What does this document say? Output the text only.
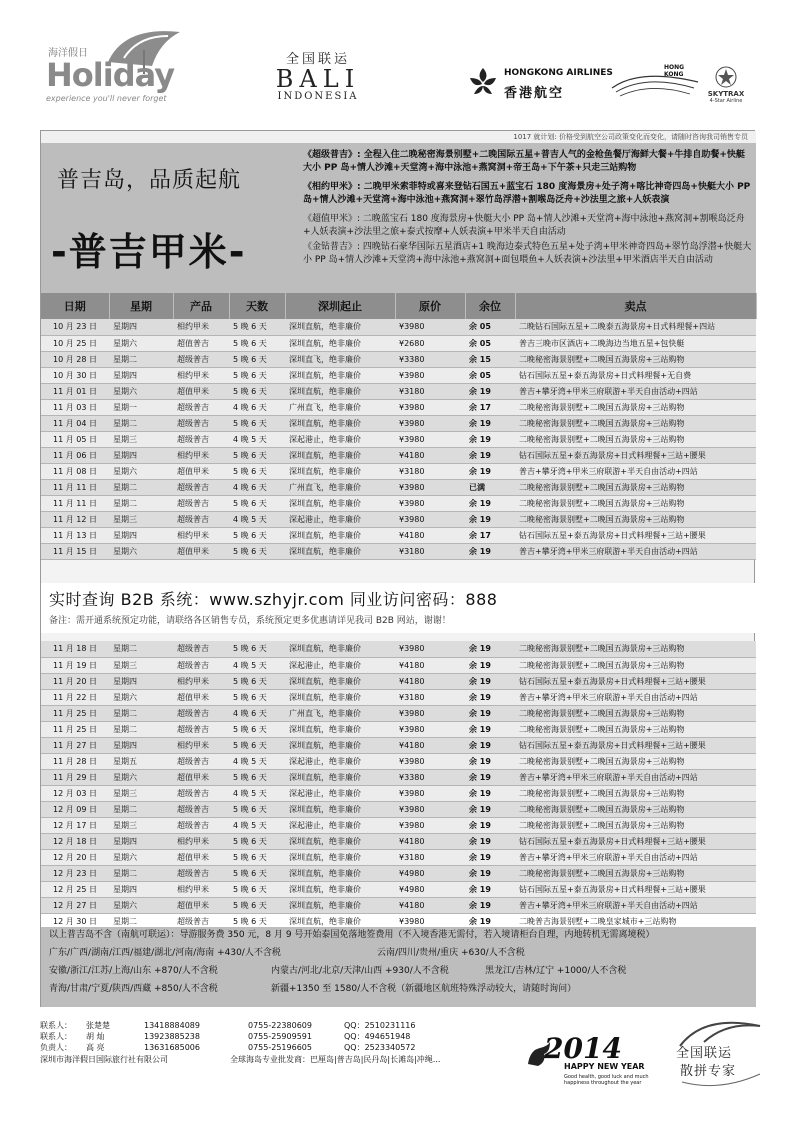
海洋假日
Holiday
experience you'll never forget
全国联运
BALI
INDONESIA
HONGKONG AIRLINES
香港航空
HONG KONG
SKYTRAX
4-Star Airline
1017 就计划: 价格受到航空公司政策变化而变化，请随时咨询我司销售专员
普吉岛，品质起航
-普吉甲米-

《超级普吉》: 全程入住二晚秘密海景别墅+二晚国际五星+普吉人气的金枪鱼餐厅海鲜大餐+牛排自助餐+快艇大小 PP 岛+情人沙滩+天堂湾+海中泳池+燕窝洞+帝王岛+下午茶+只走三站购物

《相约甲米》: 二晚甲米索菲特或喜来登钻石国五+蓝宝石 180 度海景房+处子湾+喀比神奇四岛+快艇大小 PP 岛+情人沙滩+天堂湾+海中泳池+燕窝洞+翠竹岛浮潜+割喉岛泛舟+沙法里之旅+人妖表演

《超值甲米》: 二晚蓝宝石 180 度海景房+快艇大小 PP 岛+情人沙滩+天堂湾+海中泳池+燕窝洞+割喉岛泛舟+人妖表演+沙法里之旅+泰式按摩+人妖表演+甲米半天自由活动

《金钻普吉》: 四晚钻石豪华国际五星酒店+1 晚海边泰式特色五星+处子湾+甲米神奇四岛+翠竹岛浮潜+快艇大小 PP 岛+情人沙滩+天堂湾+海中泳池+燕窝洞+面包喂鱼+人妖表演+沙法里+甲米酒店半天自由活动

日期	星期	产品	天数	深圳起止	原价	余位	卖点
10 月 23 日	星期四	相约甲米	5 晚 6 天	深圳直航，绝非廉价	¥3980	余 05	二晚钻石国际五星+二晚泰五海景房+日式料理餐+四站
10 月 25 日	星期六	超值普吉	5 晚 6 天	深圳直航，绝非廉价	¥2680	余 05	普吉三晚市区酒店+二晚海边当地五星+包快艇
10 月 28 日	星期二	超级普吉	5 晚 6 天	深圳直飞，绝非廉价	¥3380	余 15	二晚秘密海景别墅+二晚国五海景房+三站购物
10 月 30 日	星期四	相约甲米	5 晚 6 天	深圳直航，绝非廉价	¥3980	余 05	钻石国际五星+泰五海景房+日式料理餐+无自费
11 月 01 日	星期六	超值甲米	5 晚 6 天	深圳直航，绝非廉价	¥3180	余 19	普吉+攀牙湾+甲米三府联游+半天自由活动+四站
11 月 03 日	星期一	超级普吉	4 晚 6 天	广州直飞，绝非廉价	¥3980	余 17	二晚秘密海景别墅+二晚国五海景房+三站购物
11 月 04 日	星期二	超级普吉	5 晚 6 天	深圳直航，绝非廉价	¥3980	余 19	二晚秘密海景别墅+二晚国五海景房+三站购物
11 月 05 日	星期三	超级普吉	4 晚 5 天	深起港止，绝非廉价	¥3980	余 19	二晚秘密海景别墅+二晚国五海景房+三站购物
11 月 06 日	星期四	相约甲米	5 晚 6 天	深圳直航，绝非廉价	¥4180	余 19	钻石国际五星+泰五海景房+日式料理餐+三站+腰果
11 月 08 日	星期六	超值甲米	5 晚 6 天	深圳直航，绝非廉价	¥3180	余 19	普吉+攀牙湾+甲米三府联游+半天自由活动+四站
11 月 11 日	星期二	超级普吉	4 晚 6 天	广州直飞，绝非廉价	¥3980	已满	二晚秘密海景别墅+二晚国五海景房+三站购物
11 月 11 日	星期二	超级普吉	5 晚 6 天	深圳直航，绝非廉价	¥3980	余 19	二晚秘密海景别墅+二晚国五海景房+三站购物
11 月 12 日	星期三	超级普吉	4 晚 5 天	深起港止，绝非廉价	¥3980	余 19	二晚秘密海景别墅+二晚国五海景房+三站购物
11 月 13 日	星期四	相约甲米	5 晚 6 天	深圳直航，绝非廉价	¥4180	余 17	钻石国际五星+泰五海景房+日式料理餐+三站+腰果
11 月 15 日	星期六	超值甲米	5 晚 6 天	深圳直航，绝非廉价	¥3180	余 19	普吉+攀牙湾+甲米三府联游+半天自由活动+四站
实时查询 B2B 系统：www.szhyjr.com 同业访问密码：888
备注：需开通系统预定功能，请联络各区销售专员，系统预定更多优惠请详见我司 B2B 网站，谢谢！
11 月 18 日	星期二	超级普吉	5 晚 6 天	深圳直航，绝非廉价	¥3980	余 19	二晚秘密海景别墅+二晚国五海景房+三站购物
11 月 19 日	星期三	超级普吉	4 晚 5 天	深起港止，绝非廉价	¥4180	余 19	二晚秘密海景别墅+二晚国五海景房+三站购物
11 月 20 日	星期四	相约甲米	5 晚 6 天	深圳直航，绝非廉价	¥4180	余 19	钻石国际五星+泰五海景房+日式料理餐+三站+腰果
11 月 22 日	星期六	超值甲米	5 晚 6 天	深圳直航，绝非廉价	¥3180	余 19	普吉+攀牙湾+甲米三府联游+半天自由活动+四站
11 月 25 日	星期二	超级普吉	4 晚 6 天	广州直飞，绝非廉价	¥3980	余 19	二晚秘密海景别墅+二晚国五海景房+三站购物
11 月 25 日	星期二	超级普吉	5 晚 6 天	深圳直航，绝非廉价	¥3980	余 19	二晚秘密海景别墅+二晚国五海景房+三站购物
11 月 27 日	星期四	相约甲米	5 晚 6 天	深圳直航，绝非廉价	¥4180	余 19	钻石国际五星+泰五海景房+日式料理餐+三站+腰果
11 月 28 日	星期五	超级普吉	4 晚 5 天	深起港止，绝非廉价	¥3980	余 19	二晚秘密海景别墅+二晚国五海景房+三站购物
11 月 29 日	星期六	超值甲米	5 晚 6 天	深圳直航，绝非廉价	¥3380	余 19	普吉+攀牙湾+甲米三府联游+半天自由活动+四站
12 月 03 日	星期三	超级普吉	4 晚 5 天	深起港止，绝非廉价	¥3980	余 19	二晚秘密海景别墅+二晚国五海景房+三站购物
12 月 09 日	星期二	超级普吉	5 晚 6 天	深圳直航，绝非廉价	¥3980	余 19	二晚秘密海景别墅+二晚国五海景房+三站购物
12 月 17 日	星期三	超级普吉	4 晚 5 天	深起港止，绝非廉价	¥3980	余 19	二晚秘密海景别墅+二晚国五海景房+三站购物
12 月 18 日	星期四	相约甲米	5 晚 6 天	深圳直航，绝非廉价	¥4180	余 19	钻石国际五星+泰五海景房+日式料理餐+三站+腰果
12 月 20 日	星期六	超值甲米	5 晚 6 天	深圳直航，绝非廉价	¥3180	余 19	普吉+攀牙湾+甲米三府联游+半天自由活动+四站
12 月 23 日	星期二	超级普吉	5 晚 6 天	深圳直航，绝非廉价	¥4980	余 19	二晚秘密海景别墅+二晚国五海景房+三站购物
12 月 25 日	星期四	相约甲米	5 晚 6 天	深圳直航，绝非廉价	¥4980	余 19	钻石国际五星+泰五海景房+日式料理餐+三站+腰果
12 月 27 日	星期六	超值甲米	5 晚 6 天	深圳直航，绝非廉价	¥4180	余 19	普吉+攀牙湾+甲米三府联游+半天自由活动+四站
12 月 30 日	星期二	超级普吉	5 晚 6 天	深圳直航，绝非廉价	¥3980	余 19	二晚普吉海景别墅+二晚皇家城市+三站购物

以上普吉岛不含（南航可联运）：导游服务费 350 元，8 月 9 号开始泰国免落地签费用（不入境香港无需付，若入境请柜台自理，内地转机无需离境税）

广东/广西/湖南/江西/福建/湖北/河南/海南 +430/人不含税	云南/四川/贵州/重庆 +630/人不含税

安徽/浙江/江苏/上海/山东 +870/人不含税	内蒙古/河北/北京/天津/山西 +930/人不含税	黑龙江/吉林/辽宁 +1000/人不含税

青海/甘肃/宁夏/陕西/西藏 +850/人不含税	新疆+1350 至 1580/人不含税（新疆地区航班特殊浮动较大，请随时询问）

联系人： 张楚楚	13418884089	0755-22380609	QQ：2510231116
联系人： 胡 灿	13923885238	0755-25909591	QQ：494651948
负责人： 高 亮	13631685006	0755-25196605	QQ：2523340572
深圳市海洋假日国际旅行社有限公司	全球海岛专业批发商：巴厘岛|普吉岛|民丹岛|长滩岛|冲绳...	2014
HAPPY NEW YEAR
Good health, good luck and much happiness throughout the year
全国联运
散拼专家
